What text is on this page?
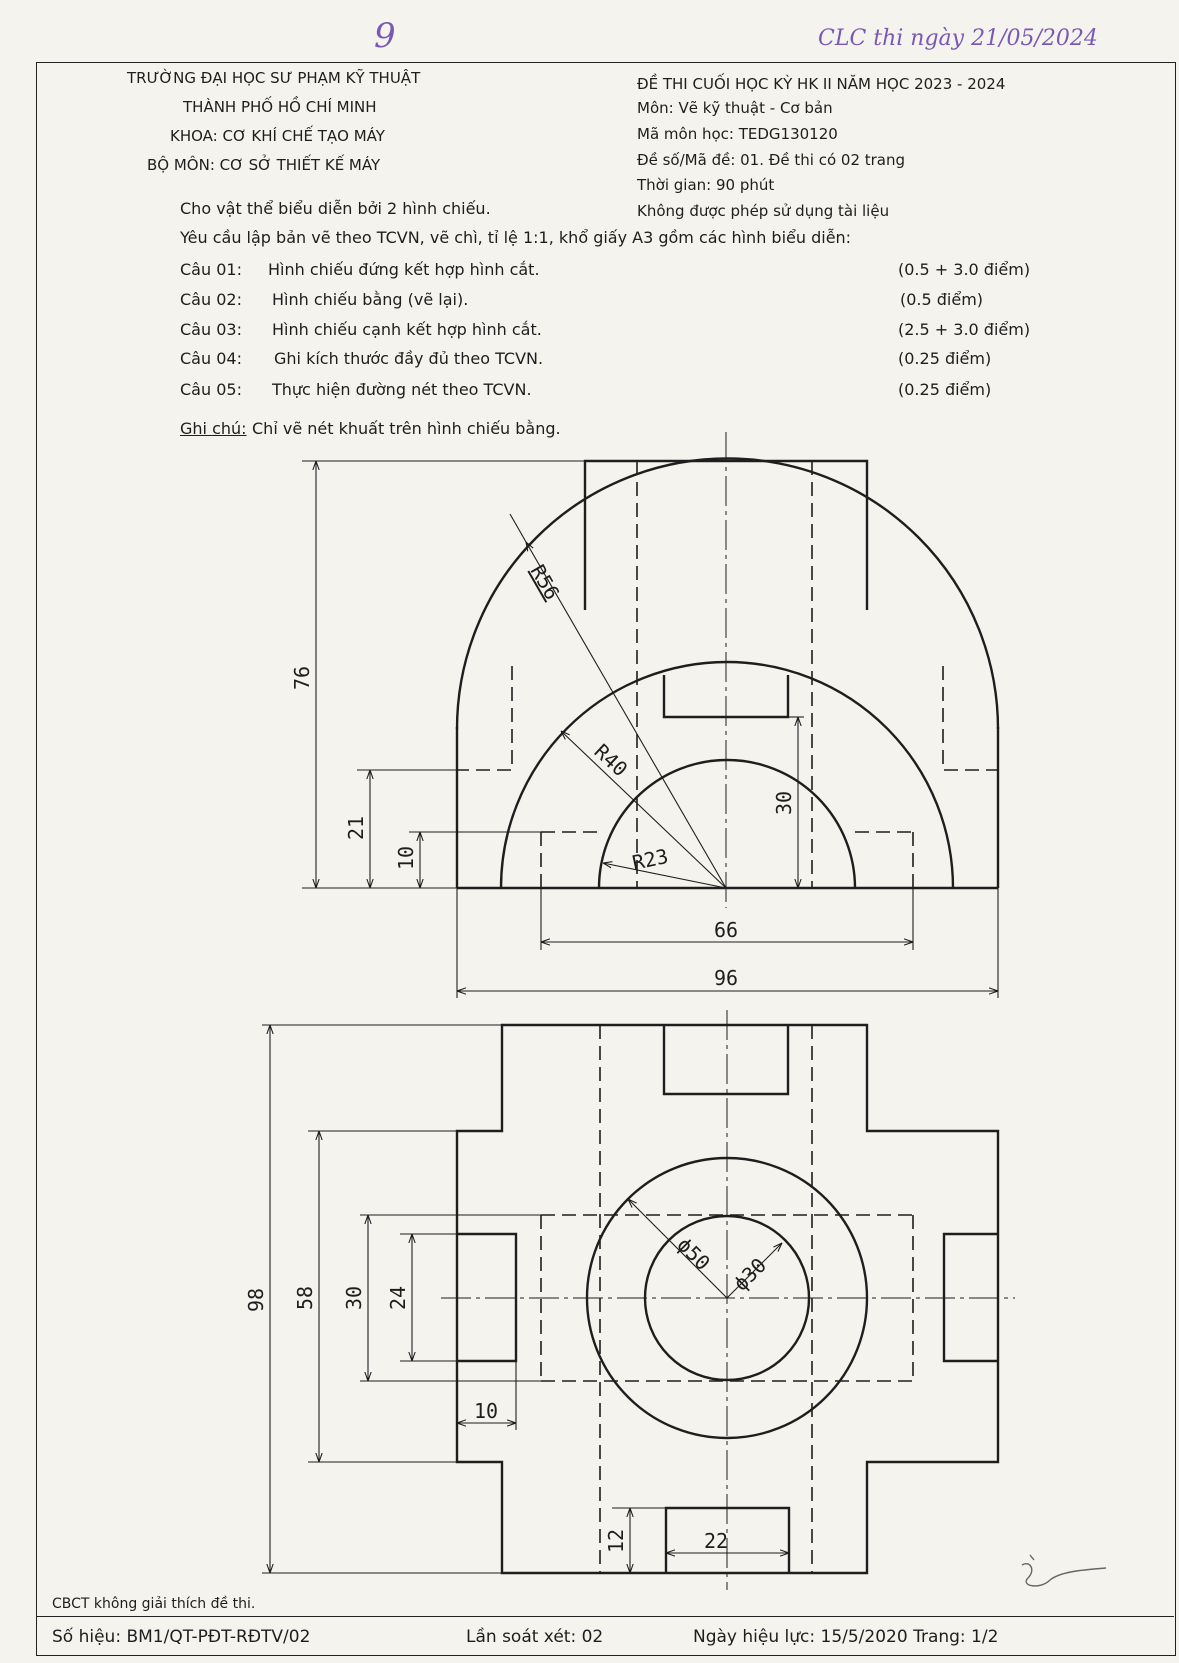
9	CLC thi ngày 21/05/2024
TRƯỜNG ĐẠI HỌC SƯ PHẠM KỸ THUẬT
THÀNH PHỐ HỒ CHÍ MINH
KHOA: CƠ KHÍ CHẾ TẠO MÁY
BỘ MÔN: CƠ SỞ THIẾT KẾ MÁY
ĐỀ THI CUỐI HỌC KỲ HK II NĂM HỌC 2023 - 2024
Môn: Vẽ kỹ thuật - Cơ bản
Mã môn học: TEDG130120
Đề số/Mã đề: 01. Đề thi có 02 trang
Thời gian: 90 phút
Không được phép sử dụng tài liệu
Cho vật thể biểu diễn bởi 2 hình chiếu.
Yêu cầu lập bản vẽ theo TCVN, vẽ chì, tỉ lệ 1:1, khổ giấy A3 gồm các hình biểu diễn:
Câu 01: Hình chiếu đứng kết hợp hình cắt.	(0.5 + 3.0 điểm)
Câu 02: Hình chiếu bằng (vẽ lại).	(0.5 điểm)
Câu 03: Hình chiếu cạnh kết hợp hình cắt.	(2.5 + 3.0 điểm)
Câu 04: Ghi kích thước đầy đủ theo TCVN.	(0.25 điểm)
Câu 05: Thực hiện đường nét theo TCVN.	(0.25 điểm)
Ghi chú: Chỉ vẽ nét khuất trên hình chiếu bằng.
R56
R40
R23
76
21
10
30
66
96
98 58 30 24
ϕ50 ϕ30
10
12	22
CBCT không giải thích đề thi.
Số hiệu: BM1/QT-PĐT-RĐTV/02	Lần soát xét: 02	Ngày hiệu lực: 15/5/2020 Trang: 1/2
